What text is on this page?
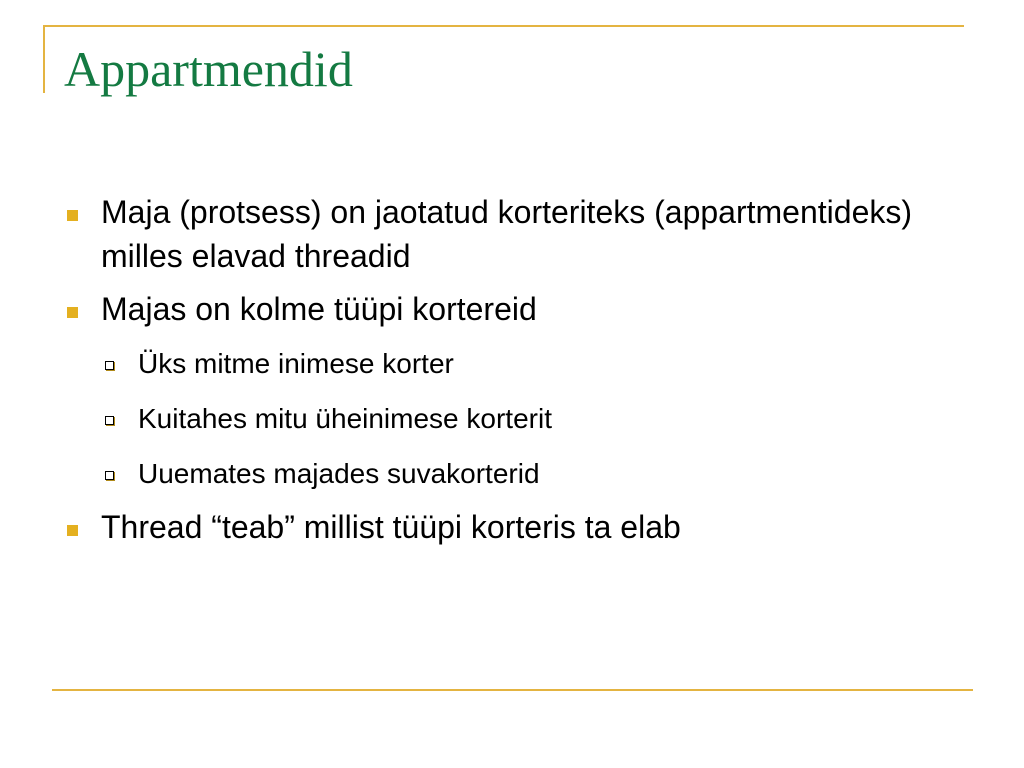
Appartmendid
Maja (protsess) on jaotatud korteriteks (appartmentideks) milles elavad threadid
Majas on kolme tüüpi kortereid
Üks mitme inimese korter
Kuitahes mitu üheinimese korterit
Uuemates majades suvakorterid
Thread “teab” millist tüüpi korteris ta elab
